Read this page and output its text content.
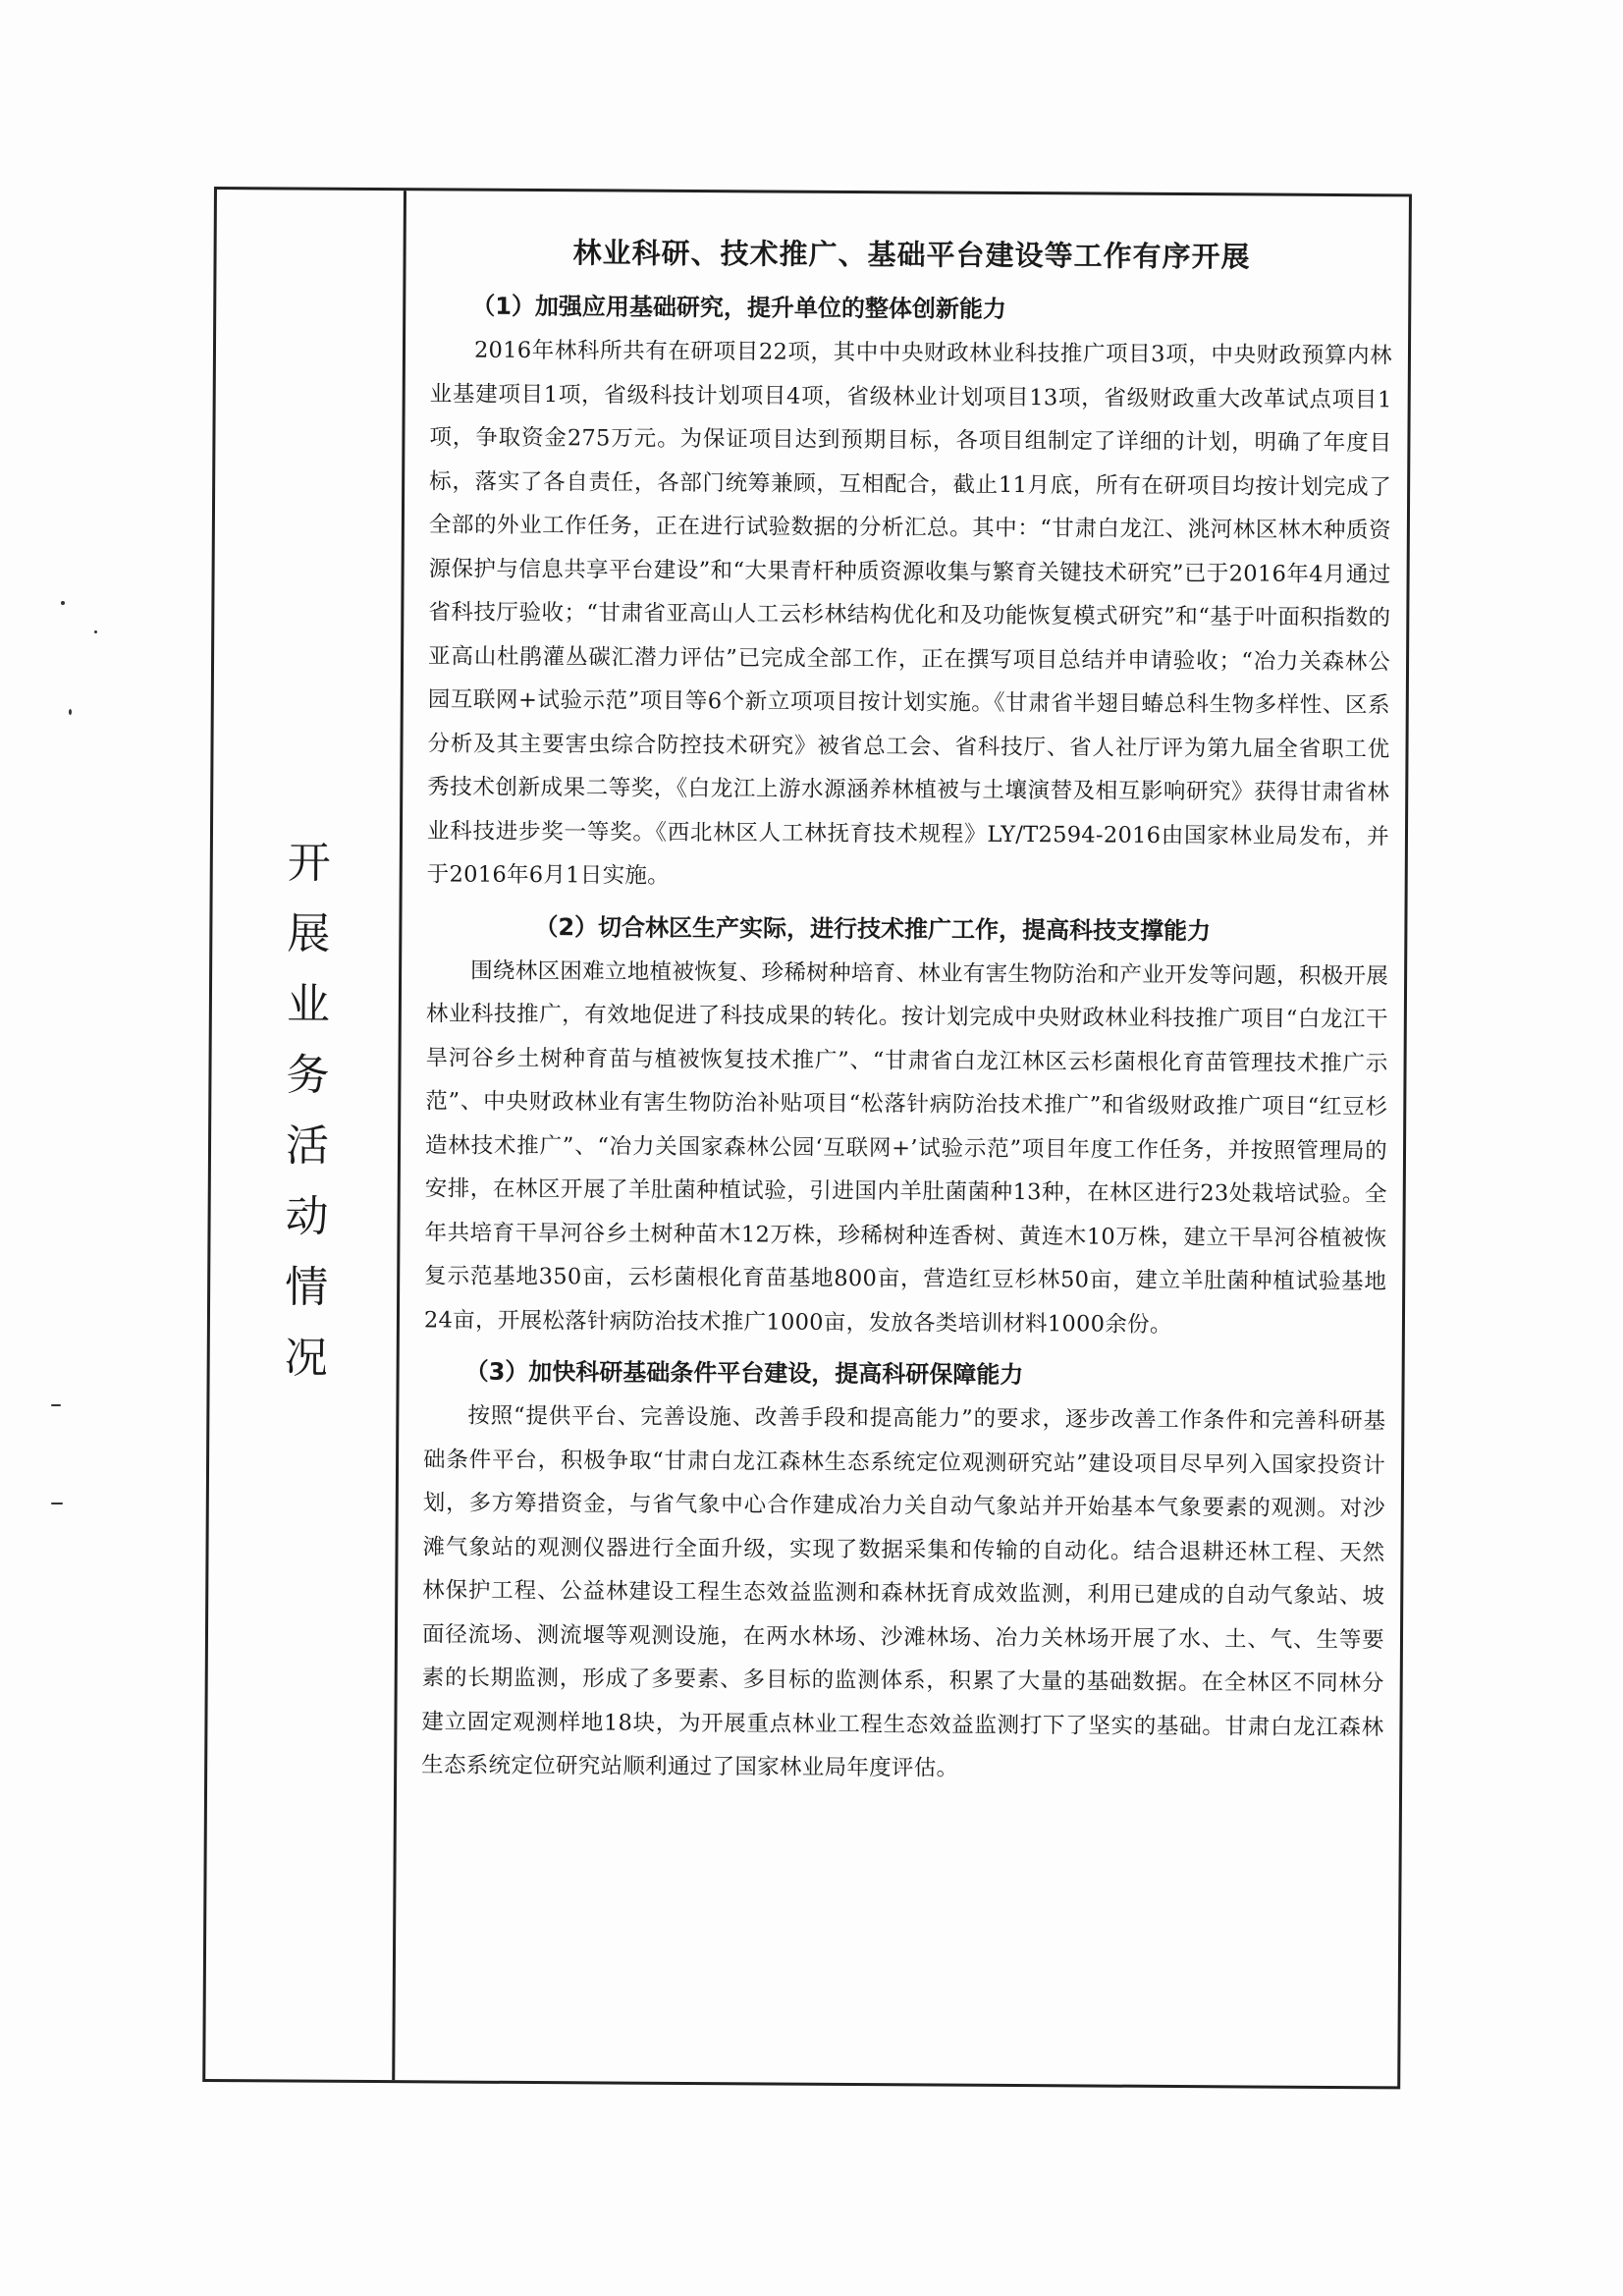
开
展
业
务
活
动
情
况
林业科研、技术推广、基础平台建设等工作有序开展
（1）加强应用基础研究，提升单位的整体创新能力

2016年林科所共有在研项目22项，其中中央财政林业科技推广项目3项，中央财政预算内林业基建项目1项，省级科技计划项目4项，省级林业计划项目13项，省级财政重大改革试点项目1项，争取资金275万元。为保证项目达到预期目标，各项目组制定了详细的计划，明确了年度目标，落实了各自责任，各部门统筹兼顾，互相配合，截止11月底，所有在研项目均按计划完成了全部的外业工作任务，正在进行试验数据的分析汇总。其中：“甘肃白龙江、洮河林区林木种质资源保护与信息共享平台建设”和“大果青杆种质资源收集与繁育关键技术研究”已于2016年4月通过省科技厅验收；“甘肃省亚高山人工云杉林结构优化和及功能恢复模式研究”和“基于叶面积指数的亚高山杜鹃灌丛碳汇潜力评估”已完成全部工作，正在撰写项目总结并申请验收；“冶力关森林公园互联网+试验示范”项目等6个新立项项目按计划实施。《甘肃省半翅目蝽总科生物多样性、区系分析及其主要害虫综合防控技术研究》被省总工会、省科技厅、省人社厅评为第九届全省职工优秀技术创新成果二等奖，《白龙江上游水源涵养林植被与土壤演替及相互影响研究》获得甘肃省林业科技进步奖一等奖。《西北林区人工林抚育技术规程》LY/T2594-2016由国家林业局发布，并于2016年6月1日实施。

（2）切合林区生产实际，进行技术推广工作，提高科技支撑能力

围绕林区困难立地植被恢复、珍稀树种培育、林业有害生物防治和产业开发等问题，积极开展林业科技推广，有效地促进了科技成果的转化。按计划完成中央财政林业科技推广项目“白龙江干旱河谷乡土树种育苗与植被恢复技术推广”、“甘肃省白龙江林区云杉菌根化育苗管理技术推广示范”、中央财政林业有害生物防治补贴项目“松落针病防治技术推广”和省级财政推广项目“红豆杉造林技术推广”、“冶力关国家森林公园‘互联网+’试验示范”项目年度工作任务，并按照管理局的安排，在林区开展了羊肚菌种植试验，引进国内羊肚菌菌种13种，在林区进行23处栽培试验。全年共培育干旱河谷乡土树种苗木12万株，珍稀树种连香树、黄连木10万株，建立干旱河谷植被恢复示范基地350亩，云杉菌根化育苗基地800亩，营造红豆杉林50亩，建立羊肚菌种植试验基地24亩，开展松落针病防治技术推广1000亩，发放各类培训材料1000余份。

（3）加快科研基础条件平台建设，提高科研保障能力

按照“提供平台、完善设施、改善手段和提高能力”的要求，逐步改善工作条件和完善科研基础条件平台，积极争取“甘肃白龙江森林生态系统定位观测研究站”建设项目尽早列入国家投资计划，多方筹措资金，与省气象中心合作建成冶力关自动气象站并开始基本气象要素的观测。对沙滩气象站的观测仪器进行全面升级，实现了数据采集和传输的自动化。结合退耕还林工程、天然林保护工程、公益林建设工程生态效益监测和森林抚育成效监测，利用已建成的自动气象站、坡面径流场、测流堰等观测设施，在两水林场、沙滩林场、冶力关林场开展了水、土、气、生等要素的长期监测，形成了多要素、多目标的监测体系，积累了大量的基础数据。在全林区不同林分建立固定观测样地18块，为开展重点林业工程生态效益监测打下了坚实的基础。甘肃白龙江森林生态系统定位研究站顺利通过了国家林业局年度评估。
